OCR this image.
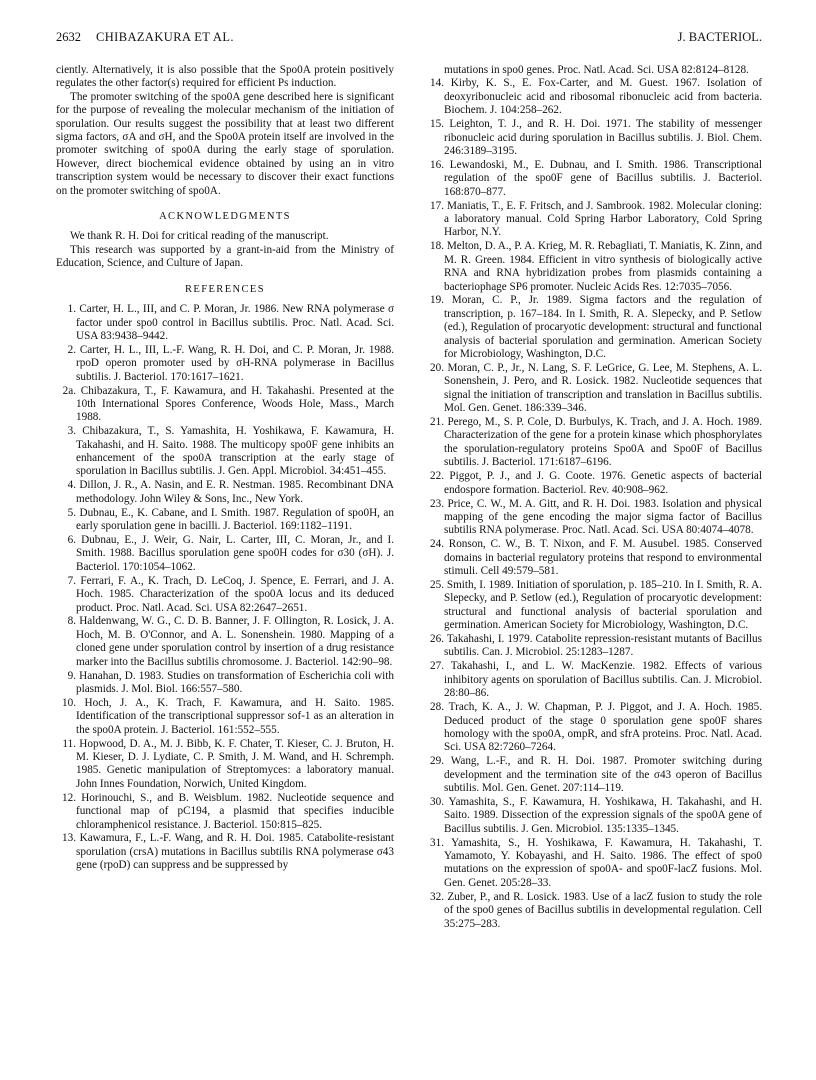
2632 CHIBAZAKURA ET AL.	J. BACTERIOL.

ciently. Alternatively, it is also possible that the Spo0A protein positively regulates the other factor(s) required for efficient Ps induction.

The promoter switching of the spo0A gene described here is significant for the purpose of revealing the molecular mechanism of the initiation of sporulation. Our results suggest the possibility that at least two different sigma factors, σA and σH, and the Spo0A protein itself are involved in the promoter switching of spo0A during the early stage of sporulation. However, direct biochemical evidence obtained by using an in vitro transcription system would be necessary to discover their exact functions on the promoter switching of spo0A.

ACKNOWLEDGMENTS

We thank R. H. Doi for critical reading of the manuscript.

This research was supported by a grant-in-aid from the Ministry of Education, Science, and Culture of Japan.

REFERENCES
1. Carter, H. L., III, and C. P. Moran, Jr. 1986. New RNA polymerase σ factor under spo0 control in Bacillus subtilis. Proc. Natl. Acad. Sci. USA 83:9438–9442.
2. Carter, H. L., III, L.-F. Wang, R. H. Doi, and C. P. Moran, Jr. 1988. rpoD operon promoter used by σH-RNA polymerase in Bacillus subtilis. J. Bacteriol. 170:1617–1621.
2a. Chibazakura, T., F. Kawamura, and H. Takahashi. Presented at the 10th International Spores Conference, Woods Hole, Mass., March 1988.
3. Chibazakura, T., S. Yamashita, H. Yoshikawa, F. Kawamura, H. Takahashi, and H. Saito. 1988. The multicopy spo0F gene inhibits an enhancement of the spo0A transcription at the early stage of sporulation in Bacillus subtilis. J. Gen. Appl. Microbiol. 34:451–455.
4. Dillon, J. R., A. Nasin, and E. R. Nestman. 1985. Recombinant DNA methodology. John Wiley & Sons, Inc., New York.
5. Dubnau, E., K. Cabane, and I. Smith. 1987. Regulation of spo0H, an early sporulation gene in bacilli. J. Bacteriol. 169:1182–1191.
6. Dubnau, E., J. Weir, G. Nair, L. Carter, III, C. Moran, Jr., and I. Smith. 1988. Bacillus sporulation gene spo0H codes for σ30 (σH). J. Bacteriol. 170:1054–1062.
7. Ferrari, F. A., K. Trach, D. LeCoq, J. Spence, E. Ferrari, and J. A. Hoch. 1985. Characterization of the spo0A locus and its deduced product. Proc. Natl. Acad. Sci. USA 82:2647–2651.
8. Haldenwang, W. G., C. D. B. Banner, J. F. Ollington, R. Losick, J. A. Hoch, M. B. O'Connor, and A. L. Sonenshein. 1980. Mapping of a cloned gene under sporulation control by insertion of a drug resistance marker into the Bacillus subtilis chromosome. J. Bacteriol. 142:90–98.
9. Hanahan, D. 1983. Studies on transformation of Escherichia coli with plasmids. J. Mol. Biol. 166:557–580.
10. Hoch, J. A., K. Trach, F. Kawamura, and H. Saito. 1985. Identification of the transcriptional suppressor sof-1 as an alteration in the spo0A protein. J. Bacteriol. 161:552–555.
11. Hopwood, D. A., M. J. Bibb, K. F. Chater, T. Kieser, C. J. Bruton, H. M. Kieser, D. J. Lydiate, C. P. Smith, J. M. Wand, and H. Schremph. 1985. Genetic manipulation of Streptomyces: a laboratory manual. John Innes Foundation, Norwich, United Kingdom.
12. Horinouchi, S., and B. Weisblum. 1982. Nucleotide sequence and functional map of pC194, a plasmid that specifies inducible chloramphenicol resistance. J. Bacteriol. 150:815–825.
13. Kawamura, F., L.-F. Wang, and R. H. Doi. 1985. Catabolite-resistant sporulation (crsA) mutations in Bacillus subtilis RNA polymerase σ43 gene (rpoD) can suppress and be suppressed by

mutations in spo0 genes. Proc. Natl. Acad. Sci. USA 82:8124–8128.

14. Kirby, K. S., E. Fox-Carter, and M. Guest. 1967. Isolation of deoxyribonucleic acid and ribosomal ribonucleic acid from bacteria. Biochem. J. 104:258–262.
15. Leighton, T. J., and R. H. Doi. 1971. The stability of messenger ribonucleic acid during sporulation in Bacillus subtilis. J. Biol. Chem. 246:3189–3195.
16. Lewandoski, M., E. Dubnau, and I. Smith. 1986. Transcriptional regulation of the spo0F gene of Bacillus subtilis. J. Bacteriol. 168:870–877.
17. Maniatis, T., E. F. Fritsch, and J. Sambrook. 1982. Molecular cloning: a laboratory manual. Cold Spring Harbor Laboratory, Cold Spring Harbor, N.Y.
18. Melton, D. A., P. A. Krieg, M. R. Rebagliati, T. Maniatis, K. Zinn, and M. R. Green. 1984. Efficient in vitro synthesis of biologically active RNA and RNA hybridization probes from plasmids containing a bacteriophage SP6 promoter. Nucleic Acids Res. 12:7035–7056.
19. Moran, C. P., Jr. 1989. Sigma factors and the regulation of transcription, p. 167–184. In I. Smith, R. A. Slepecky, and P. Setlow (ed.), Regulation of procaryotic development: structural and functional analysis of bacterial sporulation and germination. American Society for Microbiology, Washington, D.C.
20. Moran, C. P., Jr., N. Lang, S. F. LeGrice, G. Lee, M. Stephens, A. L. Sonenshein, J. Pero, and R. Losick. 1982. Nucleotide sequences that signal the initiation of transcription and translation in Bacillus subtilis. Mol. Gen. Genet. 186:339–346.
21. Perego, M., S. P. Cole, D. Burbulys, K. Trach, and J. A. Hoch. 1989. Characterization of the gene for a protein kinase which phosphorylates the sporulation-regulatory proteins Spo0A and Spo0F of Bacillus subtilis. J. Bacteriol. 171:6187–6196.
22. Piggot, P. J., and J. G. Coote. 1976. Genetic aspects of bacterial endospore formation. Bacteriol. Rev. 40:908–962.
23. Price, C. W., M. A. Gitt, and R. H. Doi. 1983. Isolation and physical mapping of the gene encoding the major sigma factor of Bacillus subtilis RNA polymerase. Proc. Natl. Acad. Sci. USA 80:4074–4078.
24. Ronson, C. W., B. T. Nixon, and F. M. Ausubel. 1985. Conserved domains in bacterial regulatory proteins that respond to environmental stimuli. Cell 49:579–581.
25. Smith, I. 1989. Initiation of sporulation, p. 185–210. In I. Smith, R. A. Slepecky, and P. Setlow (ed.), Regulation of procaryotic development: structural and functional analysis of bacterial sporulation and germination. American Society for Microbiology, Washington, D.C.
26. Takahashi, I. 1979. Catabolite repression-resistant mutants of Bacillus subtilis. Can. J. Microbiol. 25:1283–1287.
27. Takahashi, I., and L. W. MacKenzie. 1982. Effects of various inhibitory agents on sporulation of Bacillus subtilis. Can. J. Microbiol. 28:80–86.
28. Trach, K. A., J. W. Chapman, P. J. Piggot, and J. A. Hoch. 1985. Deduced product of the stage 0 sporulation gene spo0F shares homology with the spo0A, ompR, and sfrA proteins. Proc. Natl. Acad. Sci. USA 82:7260–7264.
29. Wang, L.-F., and R. H. Doi. 1987. Promoter switching during development and the termination site of the σ43 operon of Bacillus subtilis. Mol. Gen. Genet. 207:114–119.
30. Yamashita, S., F. Kawamura, H. Yoshikawa, H. Takahashi, and H. Saito. 1989. Dissection of the expression signals of the spo0A gene of Bacillus subtilis. J. Gen. Microbiol. 135:1335–1345.
31. Yamashita, S., H. Yoshikawa, F. Kawamura, H. Takahashi, T. Yamamoto, Y. Kobayashi, and H. Saito. 1986. The effect of spo0 mutations on the expression of spo0A- and spo0F-lacZ fusions. Mol. Gen. Genet. 205:28–33.
32. Zuber, P., and R. Losick. 1983. Use of a lacZ fusion to study the role of the spo0 genes of Bacillus subtilis in developmental regulation. Cell 35:275–283.
